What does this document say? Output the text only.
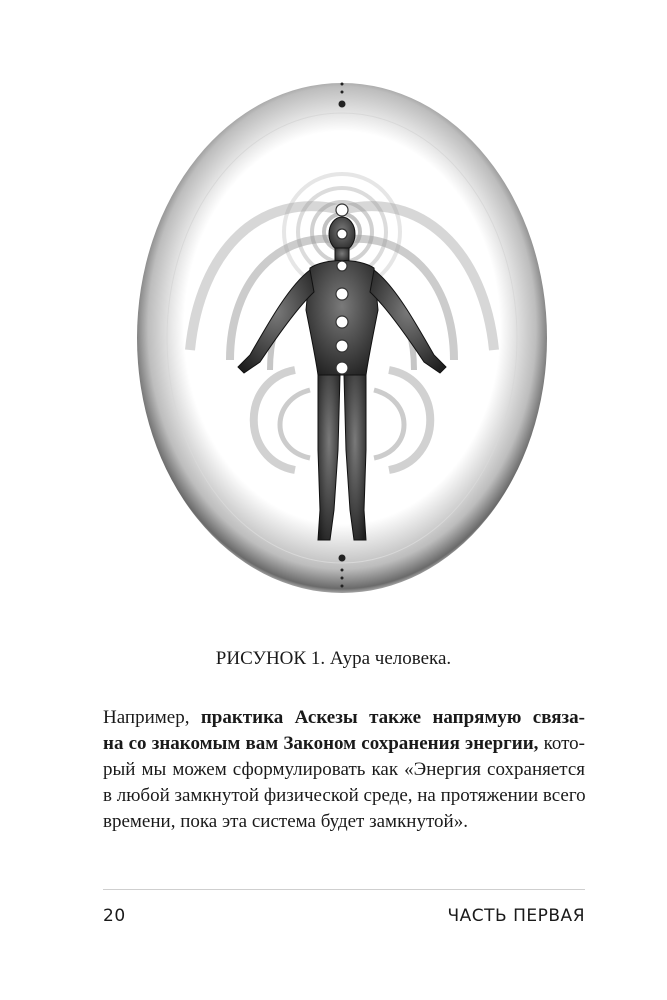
РИСУНОК 1. Аура человека.
Например, практика Аскезы также напрямую связа-
на со знакомым вам Законом сохранения энергии, кото-
рый мы можем сформулировать как «Энергия сохраняется
в любой замкнутой физической среде, на протяжении всего
времени, пока эта система будет замкнутой».
20	ЧАСТЬ ПЕРВАЯ
